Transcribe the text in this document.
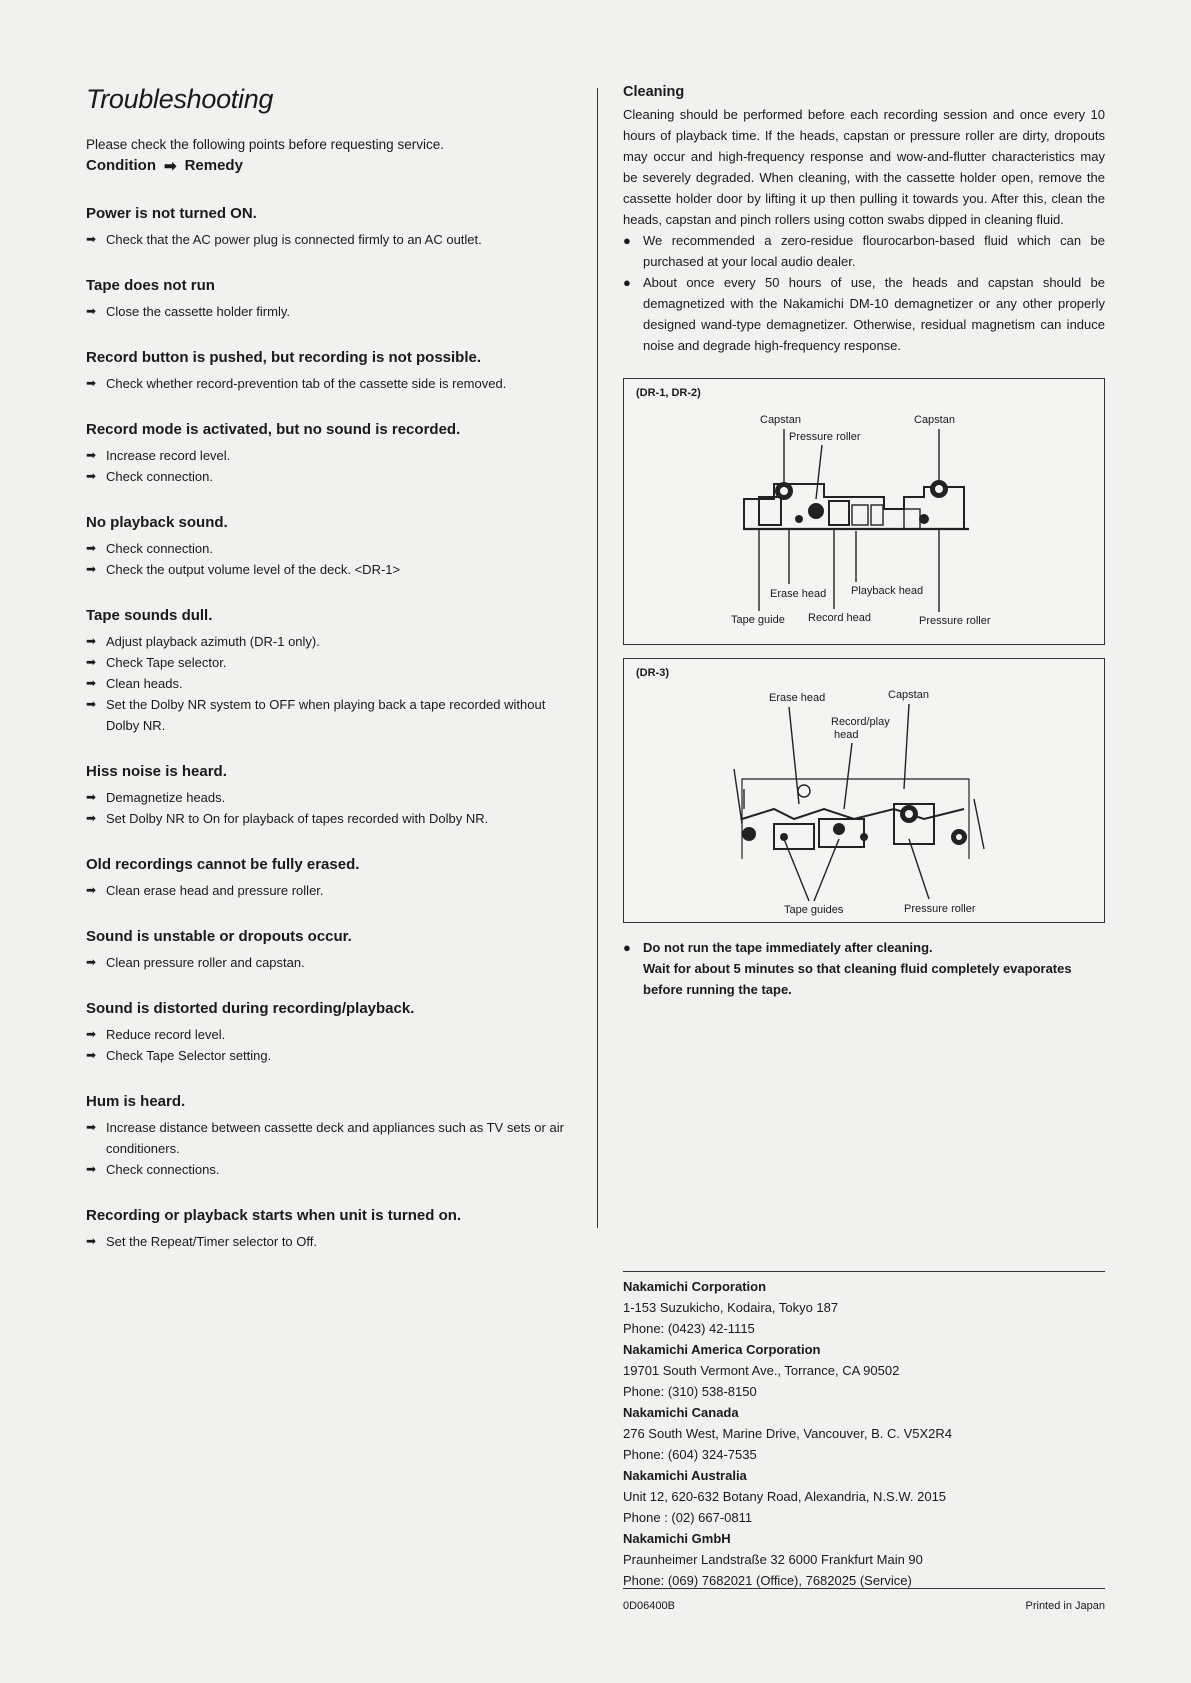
Troubleshooting
Please check the following points before requesting service.
Condition ➡ Remedy
Power is not turned ON.
➡ Check that the AC power plug is connected firmly to an AC outlet.
Tape does not run
➡ Close the cassette holder firmly.
Record button is pushed, but recording is not possible.
➡ Check whether record-prevention tab of the cassette side is removed.
Record mode is activated, but no sound is recorded.
➡ Increase record level.
➡ Check connection.
No playback sound.
➡ Check connection.
➡ Check the output volume level of the deck. <DR-1>
Tape sounds dull.
➡ Adjust playback azimuth (DR-1 only).
➡ Check Tape selector.
➡ Clean heads.
➡ Set the Dolby NR system to OFF when playing back a tape recorded without Dolby NR.
Hiss noise is heard.
➡ Demagnetize heads.
➡ Set Dolby NR to On for playback of tapes recorded with Dolby NR.
Old recordings cannot be fully erased.
➡ Clean erase head and pressure roller.
Sound is unstable or dropouts occur.
➡ Clean pressure roller and capstan.
Sound is distorted during recording/playback.
➡ Reduce record level.
➡ Check Tape Selector setting.
Hum is heard.
➡ Increase distance between cassette deck and appliances such as TV sets or air conditioners.
➡ Check connections.
Recording or playback starts when unit is turned on.
➡ Set the Repeat/Timer selector to Off.
Cleaning
Cleaning should be performed before each recording session and once every 10 hours of playback time. If the heads, capstan or pressure roller are dirty, dropouts may occur and high-frequency response and wow-and-flutter characteristics may be severely degraded. When cleaning, with the cassette holder open, remove the cassette holder door by lifting it up then pulling it towards you. After this, clean the heads, capstan and pinch rollers using cotton swabs dipped in cleaning fluid.
● We recommended a zero-residue flourocarbon-based fluid which can be purchased at your local audio dealer.
● About once every 50 hours of use, the heads and capstan should be demagnetized with the Nakamichi DM-10 demagnetizer or any other properly designed wand-type demagnetizer. Otherwise, residual magnetism can induce noise and degrade high-frequency response.
(DR-1, DR-2)
Capstan
Pressure roller
Capstan
Erase head Playback head
Tape guide Record head	Pressure roller
(DR-3)
Erase head	Capstan
Record/play
head
Tape guides	Pressure roller
● Do not run the tape immediately after cleaning.
Wait for about 5 minutes so that cleaning fluid completely evaporates before running the tape.
Nakamichi Corporation
1-153 Suzukicho, Kodaira, Tokyo 187
Phone: (0423) 42-1115
Nakamichi America Corporation
19701 South Vermont Ave., Torrance, CA 90502
Phone: (310) 538-8150
Nakamichi Canada
276 South West, Marine Drive, Vancouver, B. C. V5X2R4
Phone: (604) 324-7535
Nakamichi Australia
Unit 12, 620-632 Botany Road, Alexandria, N.S.W. 2015
Phone : (02) 667-0811
Nakamichi GmbH
Praunheimer Landstraße 32 6000 Frankfurt Main 90
Phone: (069) 7682021 (Office), 7682025 (Service)
0D06400B	Printed in Japan
